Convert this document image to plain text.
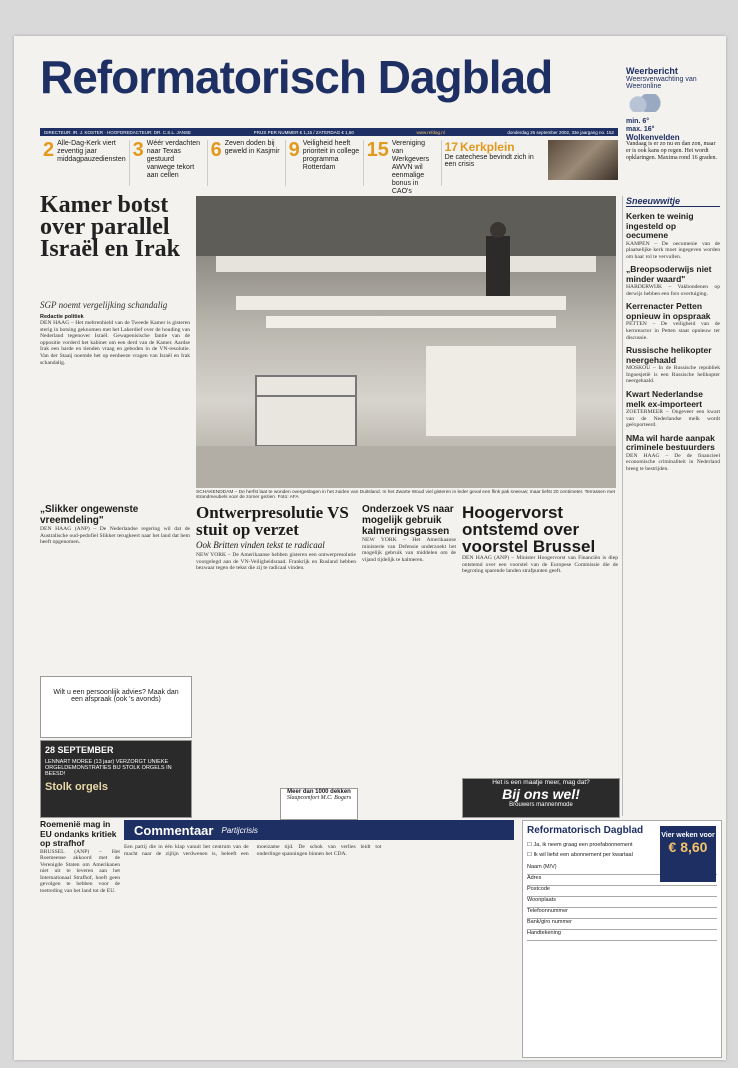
Reformatorisch Dagblad	Weerbericht
Weersverwachting van Weeronline
min. 6°
max. 16°
DIRECTEUR: IR. J. KOSTER · HOOFDREDACTEUR: DR. C.S.L. JANSE	PRIJS PER NUMMER € 1,15 / ZATERDAG € 1,60	www.refdag.nl	donderdag 26 september 2002, 33e jaargang no. 152
2 Alle-Dag-Kerk viert zeventig jaar middagpauzediensten 3 Wéér verdachten naar Texas gestuurd vanwege tekort aan cellen
6 Zeven doden bij geweld in Kasjmir 9 Veiligheid heeft prioriteit in college programma Rotterdam
15 Vereniging van Werkgevers AWVN wil eenmalige bonus in CAO's
17 Kerkplein
De catechese bevindt zich in een crisis
Wolkenvelden
Vandaag is er zo nu en dan zon, maar er is ook kans op regen. Het wordt opklaringen. Maxima rond 16 graden.
Kamer botst over parallel Israël en Irak
SGP noemt vergelijking schandalig
Redactie politiek
DEN HAAG – Het meltrenhield van de Tweede Kamer is gisteren sterig in botsing geknomen met het Lakerdief over de houding van Nederland tegenover Israël. Gewapenisische fantie van de oppositie vorderd het kabinet om een derd van de Kamer. Aardse Irak een harde en tienden vraag en geboden in de VN-resolutie. Van der Staaij noemde het op eenheeze vragen van Israël en Irak schandalig.
SCHAKENDDAM – De herfst laat te wonden overgeslagen in het zuiden van Duitsland. In het Zwarte Woud viel gisteren in leder geval een flink pak sneeuw; maar liefst 20 centimeter. Terrassen met strandmeubels voor de zomer gezien. Foto: AFA
Sneeuwwitje
Kerken te weinig ingesteld op oecumene
KAMPEN – De oecumenie van de plaatselijke kerk moet ingegeven worden om haar rol te vervullen.
„Breopsoderwijs niet minder waard"
HARDERWIJK – Vakbondenen op derwijs hebben een fors overtuiging.
Kerrenacter Petten opnieuw in opspraak
PETTEN – De veiligheid van de kernreactor in Petten staat opnieuw ter discussie.
Russische helikopter neergehaald
MOSKOU – In de Russische republiek Ingoesjetië is een Russische helikopter neergehaald.
Kwart Nederlandse melk ex-importeert
ZOETERMEER – Ongeveer een kwart van de Nederlandse melk wordt geëxporteerd.
NMa wil harde aanpak criminele bestuurders
DEN HAAG – De de financieel economische criminaliteit in Nederland breeg te bestrijden.
„Slikker ongewenste vreemdeling"
DEN HAAG (ANP) – De Nederlandse regering wil dat de Australische oud-pedofiel Slikker terugkeert naar het land dat hem heeft opgenomen.
Wilt u een persoonlijk advies? Maak dan een afspraak (ook 's avonds)
28 SEPTEMBER
LENNART MOREE (13 jaar) VERZORGT UNIEKE ORGELDEMONSTRATIES BIJ STOLK ORGELS IN BEESD!
Stolk orgels
Ontwerpresolutie VS stuit op verzet
Ook Britten vinden tekst te radicaal
NEW YORK – De Amerikaanse hebben gisteren een ontwerpresolutie voorgelegd aan de VN-Veiligheidsraad. Frankrijk en Rusland hebben bezwaar tegen de tekst die zij te radicaal vinden.
Meer dan 1000 dekken
Slaapcomfort M.C. Bogers
Onderzoek VS naar mogelijk gebruik kalmeringsgassen
NEW YORK – Het Amerikaanse ministerie van Defensie onderzoekt het mogelijk gebruik van middelen om de vijand tijdelijk te kalmeren.
Hoogervorst ontstemd over voorstel Brussel
DEN HAAG (ANP) – Minister Hoogervorst van Financiën is diep ontstemd over een voorstel van de Europese Commissie die de begroting sparende landen strafpunten geeft.
Het is een maatje meer, mag dat?
Bij ons wel!
Brouwers mannenmode
Roemenië mag in EU ondanks kritiek op strafhof
BRUSSEL (ANP) – Het Roemeense akkoord met de Verenigde Staten om Amerikanen niet uit te leveren aan het Internationaal Strafhof, hoeft geen gevolgen te hebben voor de toetreding van het land tot de EU.
Commentaar Partijcrisis
Een partij die in één klap vanuit het centrum van de macht naar de zijlijn verdwenen is, beleeft een moeizame tijd. De schok van verlies leidt tot onderlinge spanningen binnen het CDA.
Reformatorisch Dagblad
☐ Ja, ik neem graag een proefabonnement
☐ Ik wil liefst een abonnement per kwartaal
Naam (M/V)
Adres
Postcode
Woonplaats
Telefoonnummer
Bank/giro nummer
Handtekening
Vier weken voor
€ 8,60
